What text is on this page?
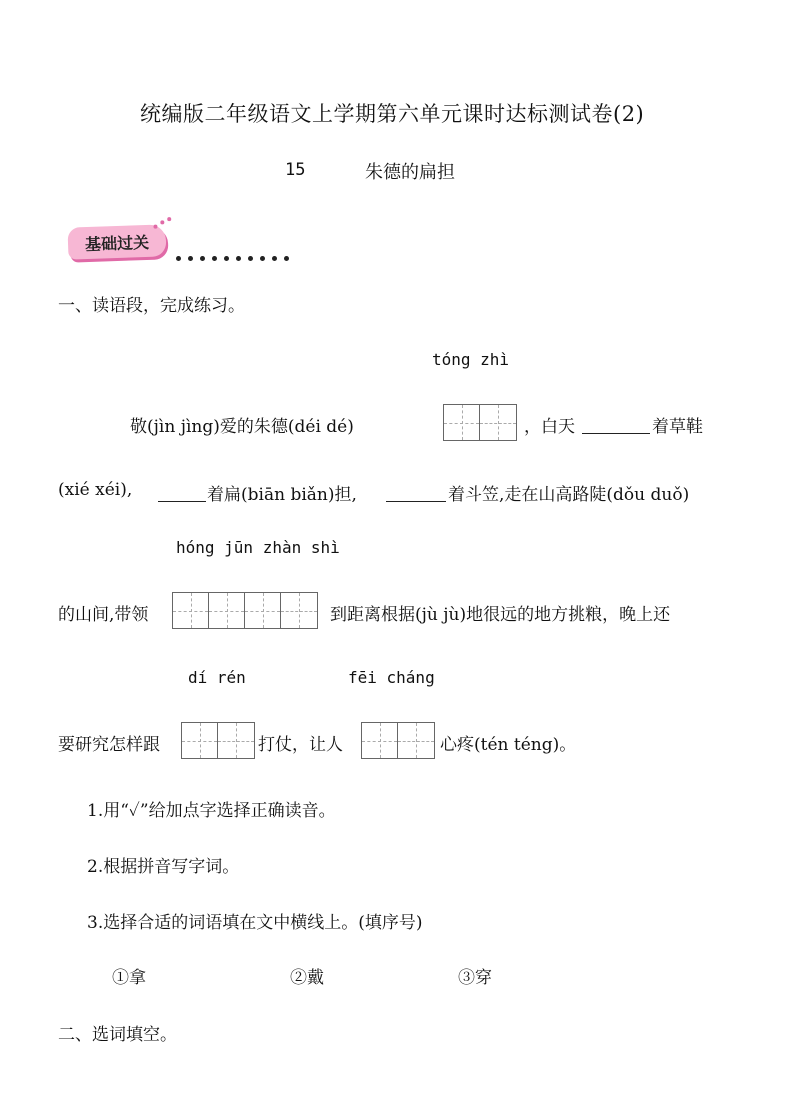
统编版二年级语文上学期第六单元课时达标测试卷(2)
15	朱德的扁担
基础过关
一、读语段，完成练习。
tóng zhì
敬(jìn jìng)爱的朱德(déi dé)	，白天	着草鞋
(xié xéi),	着扁(biān biǎn)担,	着斗笠,走在山高路陡(dǒu duǒ)
hóng jūn zhàn shì
的山间,带领	到距离根据(jù jù)地很远的地方挑粮，晚上还
dí rén	fēi cháng
要研究怎样跟	打仗，让人	心疼(tén téng)。
1.用“✓”给加点字选择正确读音。
2.根据拼音写字词。
3.选择合适的词语填在文中横线上。(填序号)
①拿	②戴	③穿
二、选词填空。
